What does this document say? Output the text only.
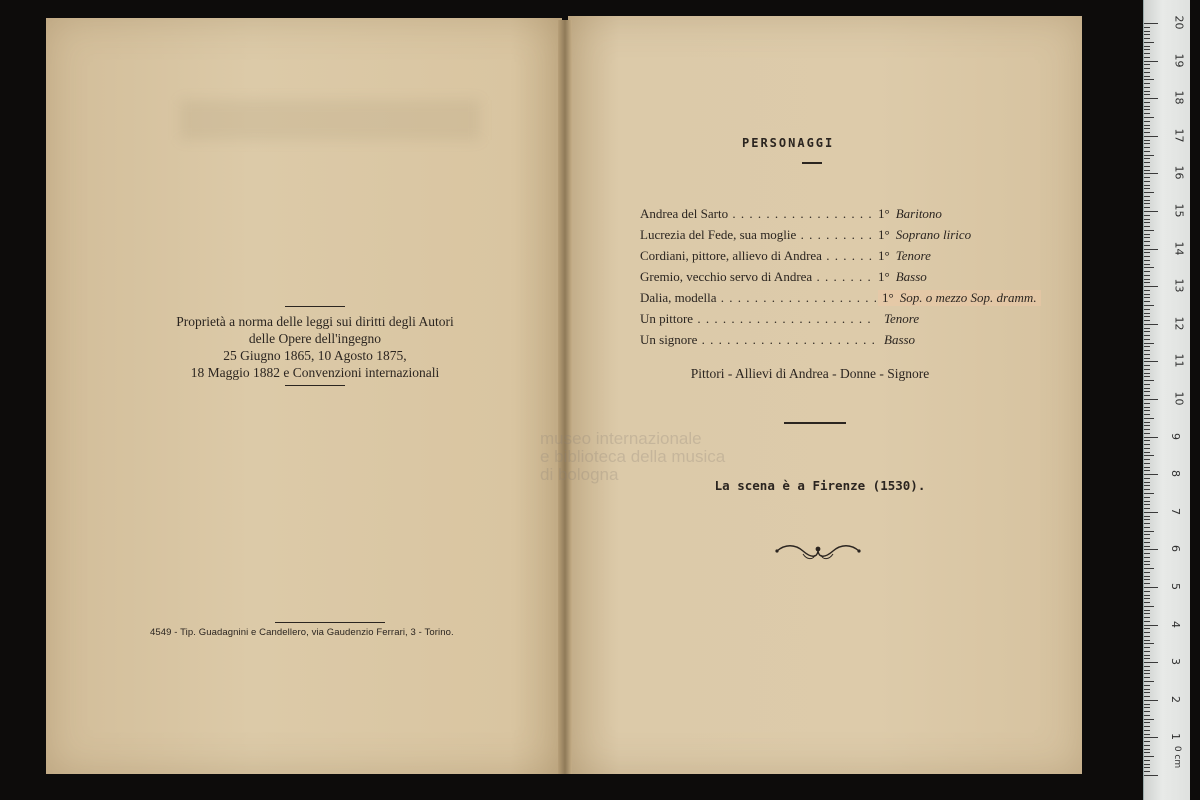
Proprietà a norma delle leggi sui diritti degli Autori
delle Opere dell'ingegno
25 Giugno 1865, 10 Agosto 1875,
18 Maggio 1882 e Convenzioni internazionali

4549 - Tip. Guadagnini e Candellero, via Gaudenzio Ferrari, 3 - Torino.

museo internazionale
e biblioteca della musica
di bologna
PERSONAGGI
Andrea del Sarto . . .	1° Baritono
Lucrezia del Fede, sua moglie . . .	1° Soprano lirico
Cordiani, pittore, allievo di Andrea . . .	1° Tenore
Gremio, vecchio servo di Andrea . . .	1° Basso
Dalia, modella . . .	1° Sop. o mezzo Sop. dramm.
Un pittore . . .	Tenore
Un signore . . .	Basso
Pittori - Allievi di Andrea - Donne - Signore
La scena è a Firenze (1530).
0 cm
1
2
3
4
5
6
7
8
9
10
11
12
13
14
15
16
17
18
19
20
